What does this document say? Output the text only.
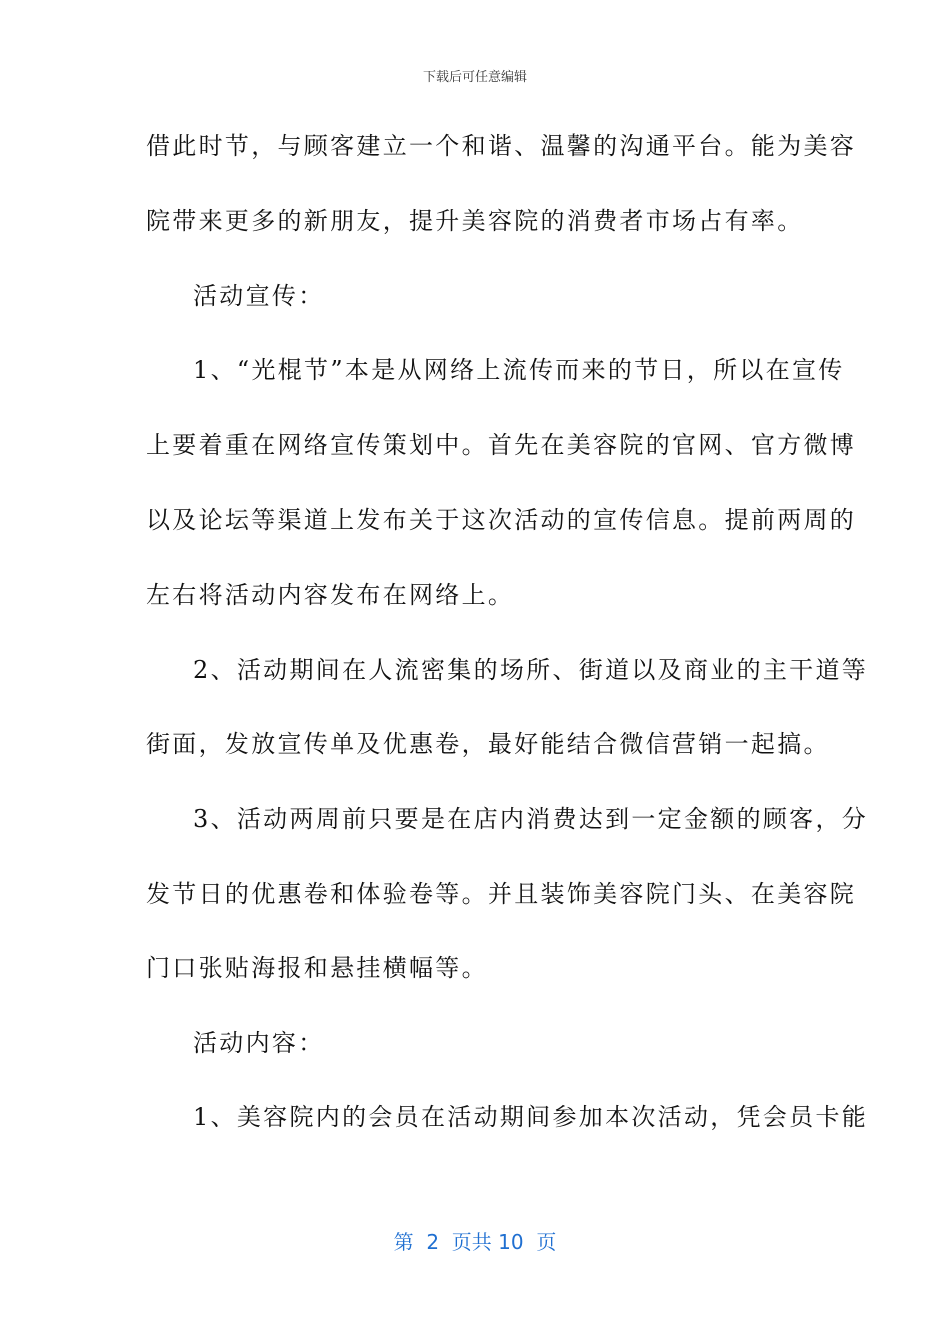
下载后可任意编辑
借此时节，与顾客建立一个和谐、温馨的沟通平台。能为美容
院带来更多的新朋友，提升美容院的消费者市场占有率。
活动宣传：
1、“光棍节”本是从网络上流传而来的节日，所以在宣传
上要着重在网络宣传策划中。首先在美容院的官网、官方微博
以及论坛等渠道上发布关于这次活动的宣传信息。提前两周的
左右将活动内容发布在网络上。
2、活动期间在人流密集的场所、街道以及商业的主干道等
街面，发放宣传单及优惠卷，最好能结合微信营销一起搞。
3、活动两周前只要是在店内消费达到一定金额的顾客，分
发节日的优惠卷和体验卷等。并且装饰美容院门头、在美容院
门口张贴海报和悬挂横幅等。
活动内容：
1、美容院内的会员在活动期间参加本次活动，凭会员卡能
第  2  页共 10  页
